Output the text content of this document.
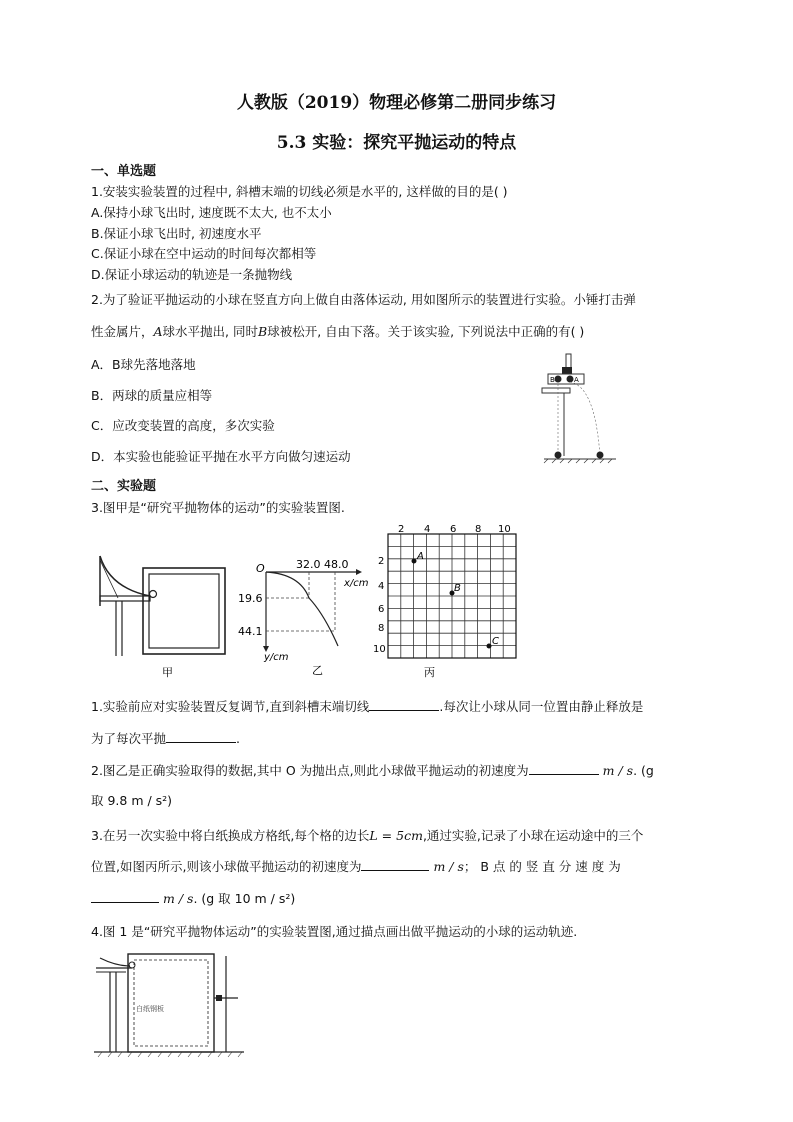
人教版（2019）物理必修第二册同步练习
5.3 实验：探究平抛运动的特点
一、单选题
1.安装实验装置的过程中, 斜槽末端的切线必须是水平的, 这样做的目的是( )
A.保持小球飞出时, 速度既不太大, 也不太小
B.保证小球飞出时, 初速度水平
C.保证小球在空中运动的时间每次都相等
D.保证小球运动的轨迹是一条抛物线
2.为了验证平抛运动的小球在竖直方向上做自由落体运动, 用如图所示的装置进行实验。小锤打击弹
性金属片，A球水平抛出, 同时B球被松开, 自由下落。关于该实验, 下列说法中正确的有( )
A．B球先落地落地
B．两球的质量应相等
C．应改变装置的高度，多次实验
D．本实验也能验证平抛在水平方向做匀速运动
B	A
二、实验题
3.图甲是“研究平抛物体的运动”的实验装置图.
甲
O	32.0 48.0
x/cm
19.6
44.1
y/cm
乙
2 4 6 8 10
2
4
6
8
10
A
B
C
丙
1.实验前应对实验装置反复调节,直到斜槽末端切线	.每次让小球从同一位置由静止释放是
为了每次平抛	.
2.图乙是正确实验取得的数据,其中 O 为抛出点,则此小球做平抛运动的初速度为	m / s. (g
取 9.8 m / s²)
3.在另一次实验中将白纸换成方格纸,每个格的边长L = 5cm,通过实验,记录了小球在运动途中的三个
位置,如图丙所示,则该小球做平抛运动的初速度为	m / s； B 点 的 竖 直 分 速 度 为
m / s. (g 取 10 m / s²)
4.图 1 是“研究平抛物体运动”的实验装置图,通过描点画出做平抛运动的小球的运动轨迹.
白纸钢板
